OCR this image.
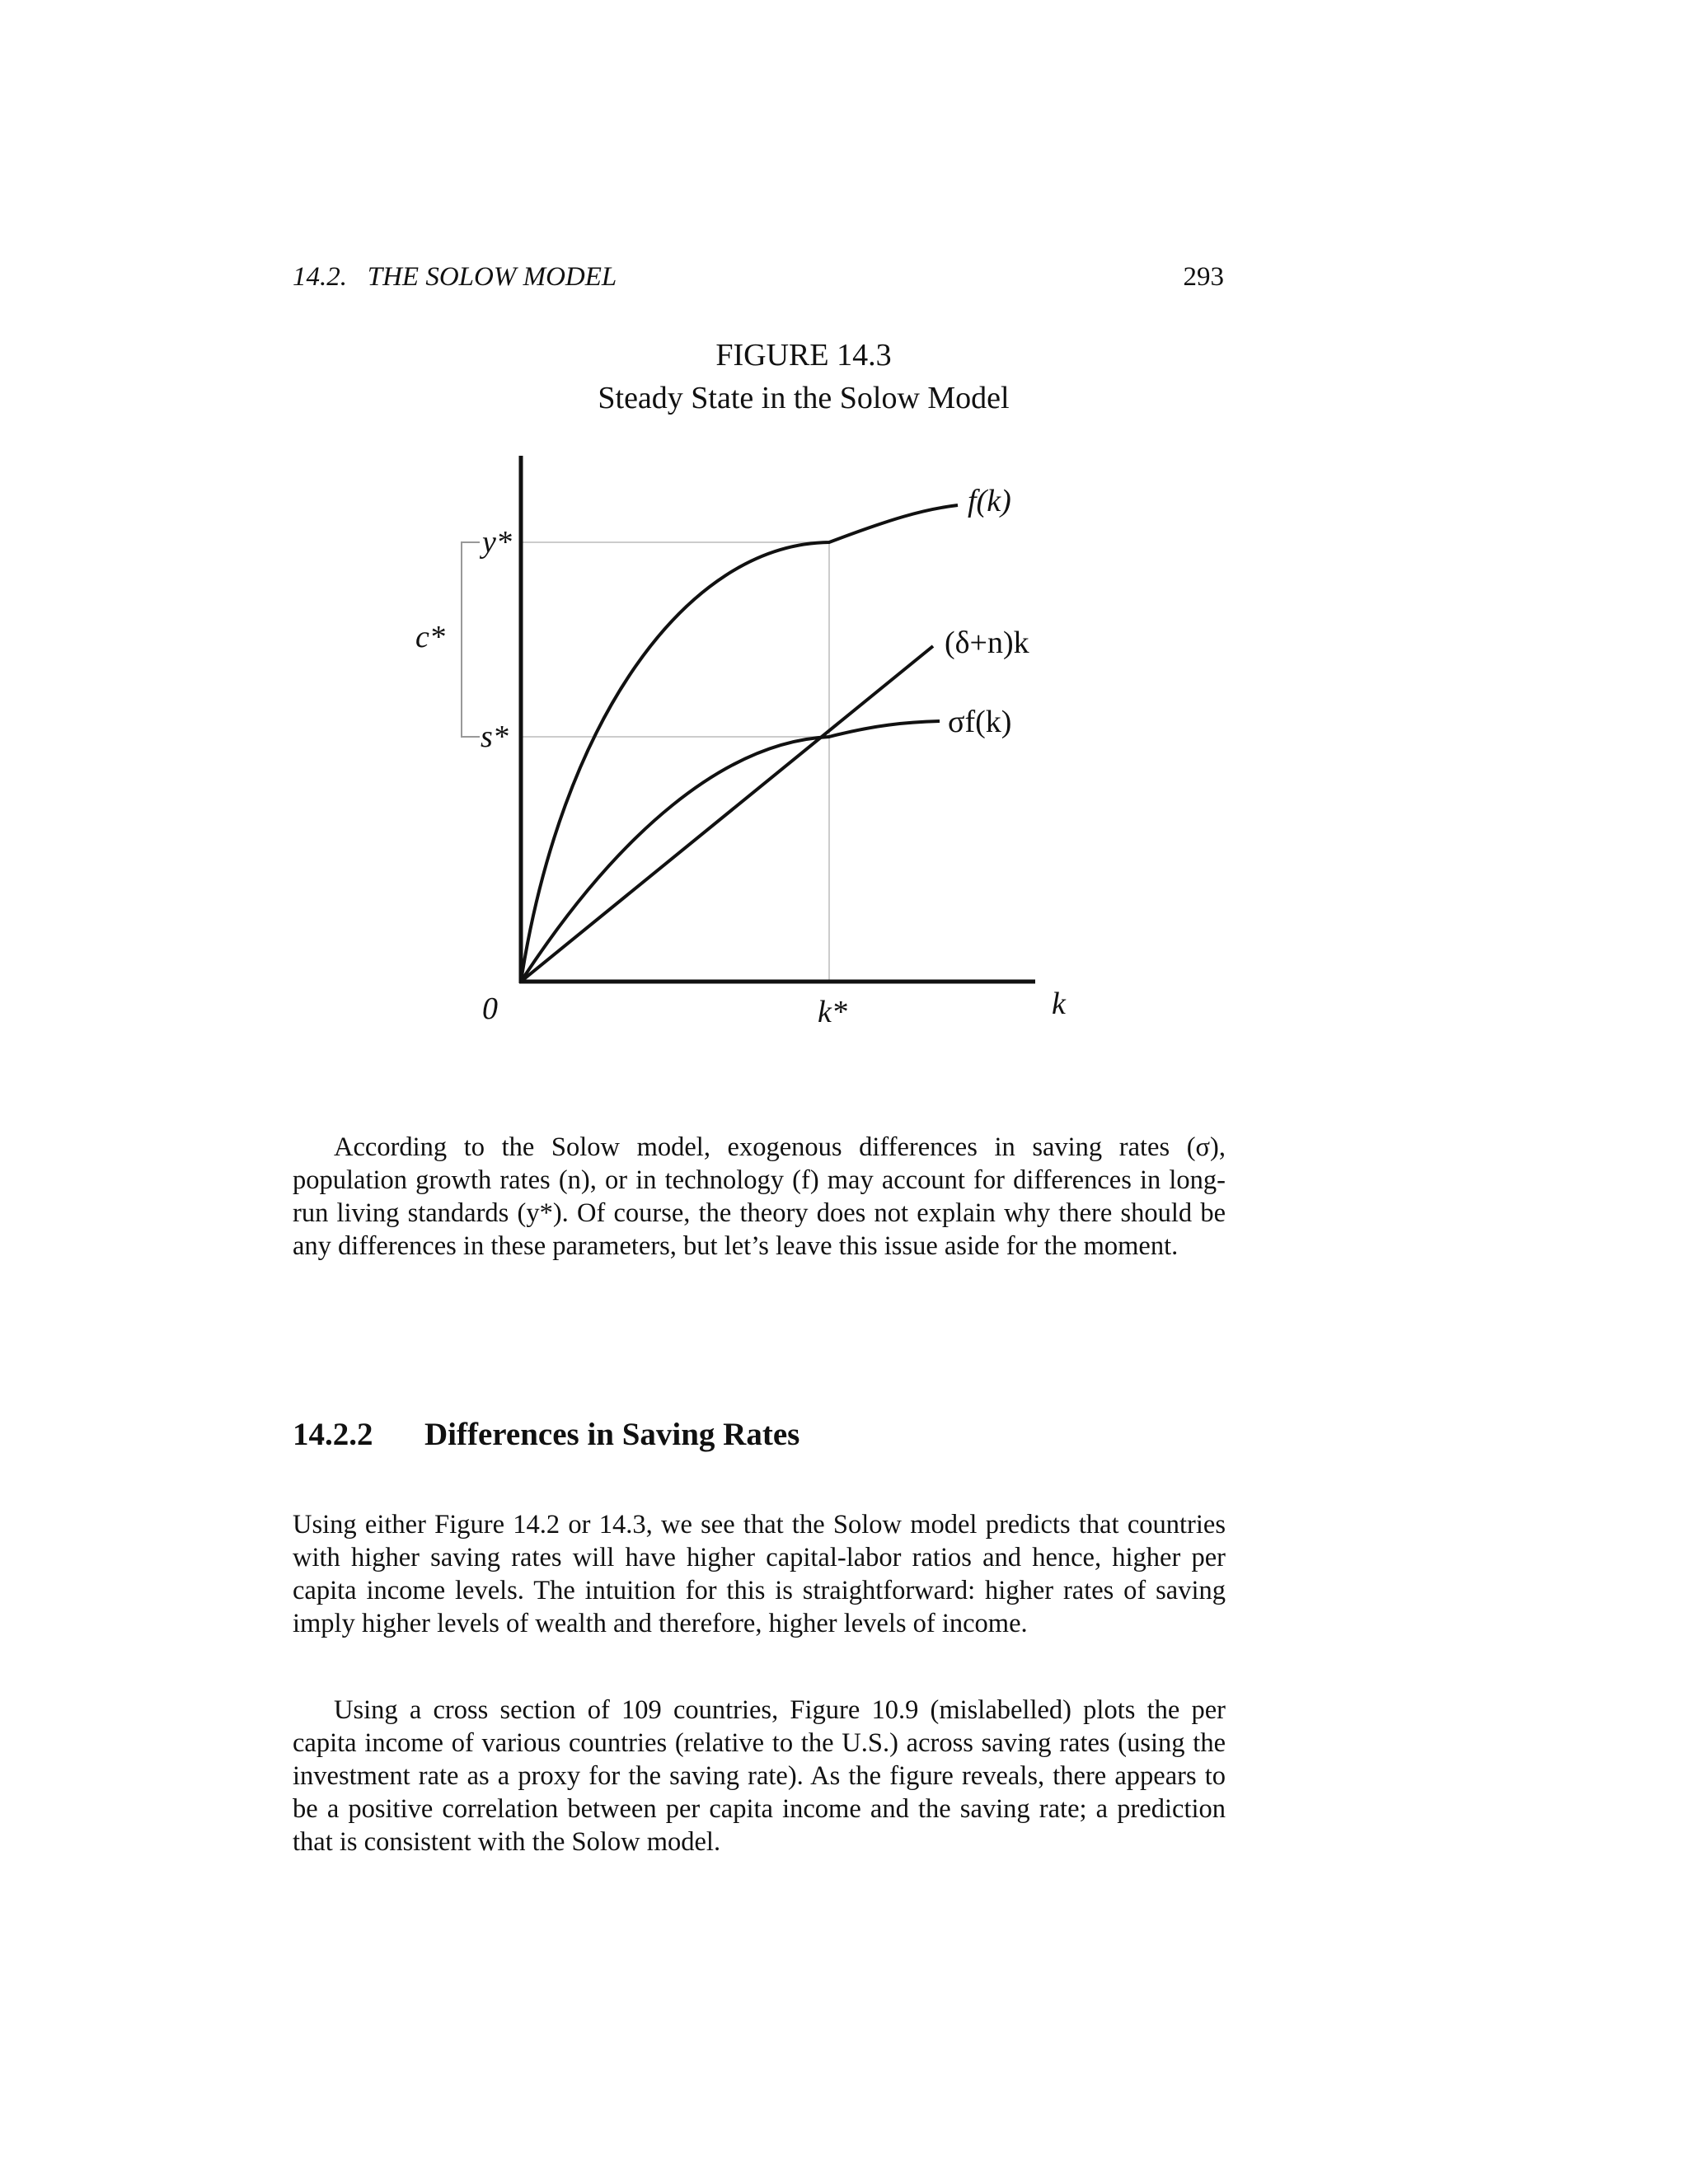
14.2.   THE SOLOW MODEL	293
FIGURE 14.3
Steady State in the Solow Model
f(k)
(δ+n)k
σf(k)
y*
s*
c*
0	k*	k

According to the Solow model, exogenous differences in saving rates (σ), population growth rates (n), or in technology (f) may account for differences in long-run living standards (y*). Of course, the theory does not explain why there should be any differences in these parameters, but let’s leave this issue aside for the moment.

14.2.2 Differences in Saving Rates

Using either Figure 14.2 or 14.3, we see that the Solow model predicts that countries with higher saving rates will have higher capital-labor ratios and hence, higher per capita income levels. The intuition for this is straightforward: higher rates of saving imply higher levels of wealth and therefore, higher levels of income.

Using a cross section of 109 countries, Figure 10.9 (mislabelled) plots the per capita income of various countries (relative to the U.S.) across saving rates (using the investment rate as a proxy for the saving rate). As the figure reveals, there appears to be a positive correlation between per capita income and the saving rate; a prediction that is consistent with the Solow model.
